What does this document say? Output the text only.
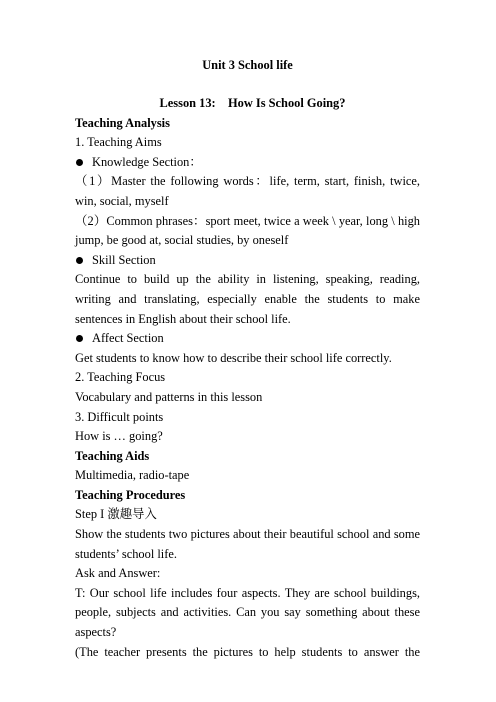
Unit 3 School life

Lesson 13:    How Is School Going?

Teaching Analysis

1. Teaching Aims

Knowledge Section：

（1）Master the following words：life, term, start, finish, twice, win, social, myself

（2）Common phrases：sport meet, twice a week \ year, long \ high jump, be good at, social studies, by oneself

Skill Section

Continue to build up the ability in listening, speaking, reading, writing and translating, especially enable the students to make sentences in English about their school life.

Affect Section

Get students to know how to describe their school life correctly.

2. Teaching Focus

Vocabulary and patterns in this lesson

3. Difficult points

How is … going?

Teaching Aids

Multimedia, radio-tape

Teaching Procedures

Step I 激趣导入

Show the students two pictures about their beautiful school and some students’ school life.

Ask and Answer:

T: Our school life includes four aspects. They are school buildings, people, subjects and activities. Can you say something about these aspects?

(The teacher presents the pictures to help students to answer the
